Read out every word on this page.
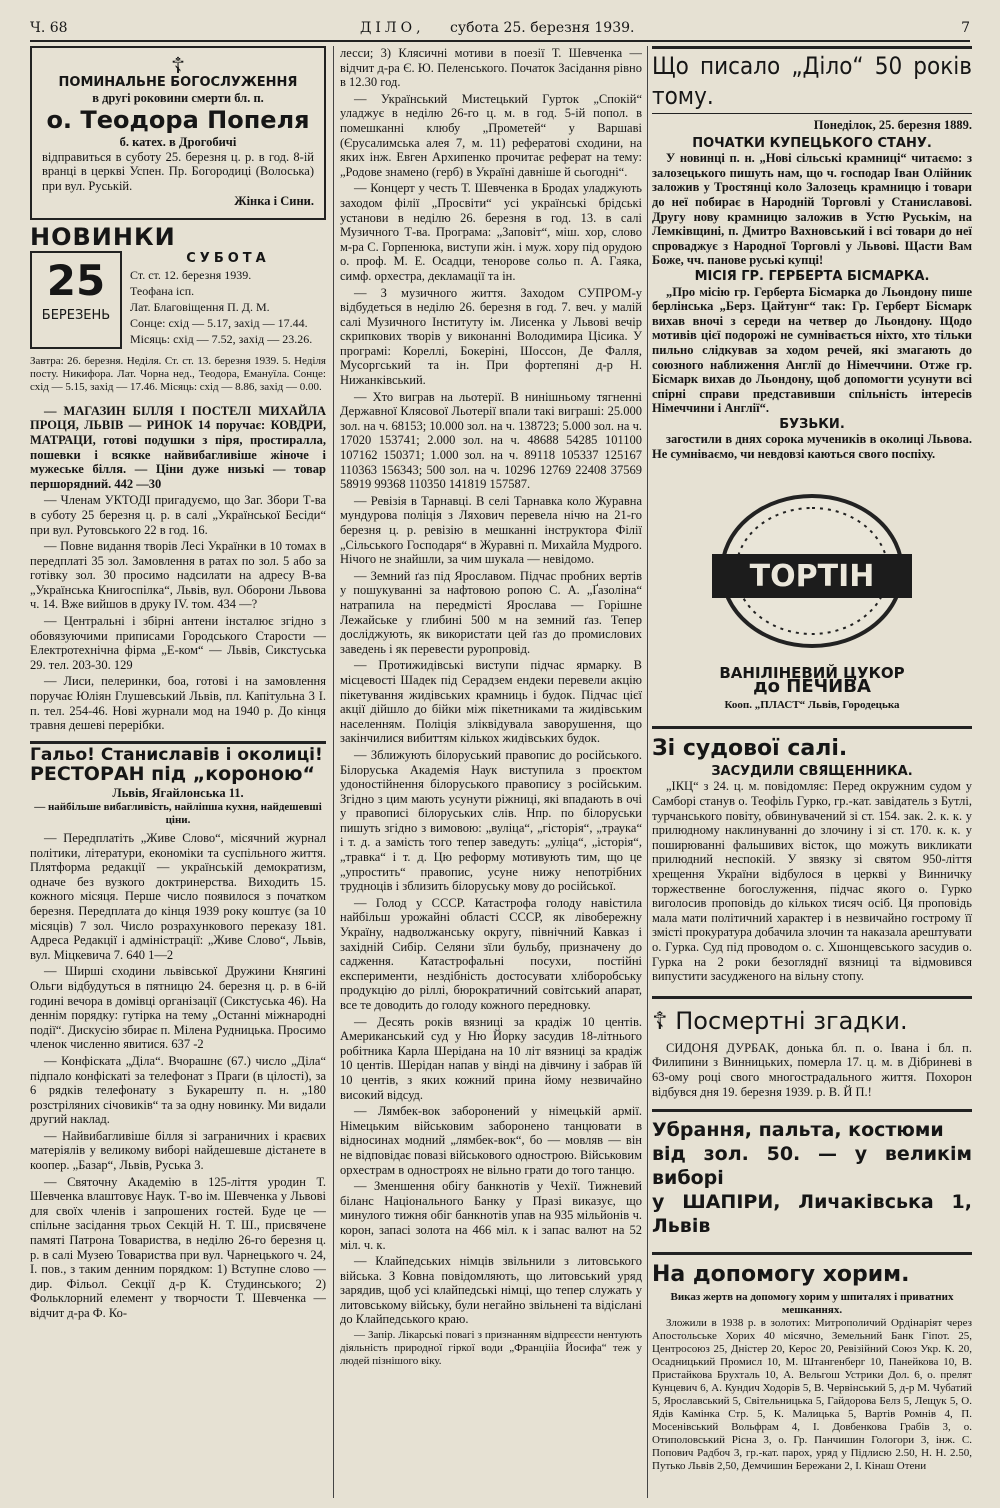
Ч. 68	ДІЛО, субота 25. березня 1939.	7
☦
ПОМИНАЛЬНЕ БОГОСЛУЖЕННЯ
в другі роковини смерти бл. п.
о. Теодора Попеля
б. катех. в Дрогобичі
відправиться в суботу 25. березня ц. р. в год. 8-ій вранці в церкві Успен. Пр. Богородиці (Волоська) при вул. Руській.
Жінка і Сини.
НОВИНКИ
25
БЕРЕЗЕНЬ
СУБОТА
Ст. ст. 12. березня 1939.
Теофана ісп.
Лат. Благовіщення П. Д. М.
Сонце: схід — 5.17, захід — 17.44.
Місяць: схід — 7.52, захід — 23.26.
Завтра: 26. березня. Неділя. Ст. ст. 13. березня 1939. 5. Неділя посту. Никифора. Лат. Чорна нед., Теодора, Емануїла. Сонце: схід — 5.15, захід — 17.46. Місяць: схід — 8.86, захід — 0.00.

— МАГАЗИН БІЛЛЯ І ПОСТЕЛІ МИХАЙЛА ПРОЦЯ, ЛЬВІВ — РИНОК 14 поручає: КОВДРИ, МАТРАЦИ, готові подушки з піря, простиралла, пошевки і всякке найвибагливіше жіноче і мужеське білля. — Ціни дуже низькі — товар першорядний. 442 —30

— Членам УКТОДІ пригадуємо, що Заг. Збори Т-ва в суботу 25 березня ц. р. в салі „Української Бесіди“ при вул. Рутовського 22 в год. 16.

— Повне видання творів Лесі Українки в 10 томах в передплаті 35 зол. Замовлення в ратах по зол. 5 або за готівку зол. 30 просимо надсилати на адресу В-ва „Українська Книгоспілка“, Львів, вул. Оборони Львова ч. 14. Вже вийшов в друку IV. том. 434 —?

— Центральні і збірні антени інсталює згідно з обовязуючими приписами Городського Старости — Електротехнічна фірма „Е-ком“ — Львів, Сикстуська 29. тел. 203-30. 129

— Лиси, пелеринки, боа, готові і на замовлення поручає Юліян Глушевський Львів, пл. Капітульна 3 І. п. тел. 254-46. Нові журнали мод на 1940 р. До кінця травня дешеві перерібки.

Гальо! Станиславів і околиці!
РЕСТОРАН під „короною“
Львів, Ягайлонська 11.
— найбільше вибагливість, найліпша кухня, найдешевші ціни.

— Передплатіть „Живе Слово“, місячний журнал політики, літератури, економіки та суспільного життя. Плятформа редакції — українській демократизм, одначе без вузкого доктринерства. Виходить 15. кожного місяця. Перше число появилося з початком березня. Передплата до кінця 1939 року коштує (за 10 місяців) 7 зол. Число розрахункового переказу 181. Адреса Редакції і адміністрації: „Живе Слово“, Львів, вул. Міцкевича 7. 640 1—2

— Ширші сходини львівської Дружини Княгині Ольги відбудуться в пятницю 24. березня ц. р. в 6-ій годині вечора в домівці організації (Сикстуська 46). На деннім порядку: гутірка на тему „Останні міжнародні події“. Дискусію збирає п. Мілена Рудницька. Просимо членок численно явитися. 637 -2

— Конфіската „Діла“. Вчорашнє (67.) число „Діла“ підпало конфіскаті за телефонат з Праги (в цілості), за 6 рядків телефонату з Букарешту п. н. „180 розстріляних січовиків“ та за одну новинку. Ми видали другий наклад.

— Найвибагливіше білля зі заграничних і краєвих матеріялів у великому виборі найдешевше діcтанете в коопер. „Базар“, Львів, Руська 3.

— Святочну Академію в 125-ліття уродин Т. Шевченка влаштовує Наук. Т-во ім. Шевченка у Львові для своїх членів і запрошених гостей. Буде це — спільне засідання трьох Секцій Н. Т. Ш., присвячене памяті Патрона Товариства, в неділю 26-го березня ц. р. в салі Музею Товариства при вул. Чарнецького ч. 24, І. пов., з таким денним порядком: 1) Вступне слово — дир. Фільол. Секції д-р К. Студинського; 2) Фольклорний елемент у творчости Т. Шевченка — відчит д-ра Ф. Ко-

лесси; 3) Клясичні мотиви в поезії Т. Шевченка — відчит д-ра Є. Ю. Пеленського. Початок Засідання рівно в 12.30 год.

— Український Мистецький Гурток „Спокій“ уладжує в неділю 26-го ц. м. в год. 5-ій попол. в помешканні клюбу „Прометей“ у Варшаві (Єрусалимська алея 7, м. 11) рефератові сходини, на яких інж. Евген Архипенко прочитає реферат на тему: „Родове знамено (герб) в Україні давніше й сьогодні“.

— Концерт у честь Т. Шевченка в Бродах уладжують заходом філії „Просвіти“ усі українські брідські установи в неділю 26. березня в год. 13. в салі Музичного Т-ва. Програма: „Заповіт“, міш. хор, слово м-ра С. Горпенюка, виступи жін. і муж. хору під орудою о. проф. М. Е. Осадци, тенорове сольо п. А. Гаяка, симф. орхестра, декламації та ін.

— З музичного життя. Заходом СУПРОМ-у відбудеться в неділю 26. березня в год. 7. веч. у малій салі Музичного Інституту ім. Лисенка у Львові вечір скрипкових творів у виконанні Володимира Цісика. У програмі: Кореллі, Бокеріні, Шоссон, Де Фалля, Мусоргський та ін. При фортепяні д-р Н. Нижанківський.

— Хто виграв на льотерії. В нинішньому тягненні Державної Клясової Льотерії впали такі виграші: 25.000 зол. на ч. 68153; 10.000 зол. на ч. 138723; 5.000 зол. на ч. 17020 153741; 2.000 зол. на ч. 48688 54285 101100 107162 150371; 1.000 зол. на ч. 89118 105337 125167 110363 156343; 500 зол. на ч. 10296 12769 22408 37569 58919 99368 110350 141819 157587.

— Ревізія в Тарнавці. В селі Тарнавка коло Журавна мундурова поліція з Ляхович перевела нічю на 21-го березня ц. р. ревізію в мешканні інструктора Філії „Сільського Господаря“ в Журавні п. Михайла Мудрого. Нічого не знайшли, за чим шукала — невідомо.

— Земний ґаз під Ярославом. Підчас пробних вертів у пошукуванні за нафтовою ропою С. А. „Ґазоліна“ натрапила на передмісті Ярослава — Горішне Лежайське у глибині 500 м на земний ґаз. Тепер досліджують, як використати цей ґаз до промислових заведень і як перевести руропровід.

— Протижидівські виступи підчас ярмарку. В місцевості Шадек під Серадзем ендеки перевели акцію пікетування жидівських крамниць і будок. Підчас цієї акції дійшло до бійки між пікетниками та жидівським населенням. Поліція зліквідувала заворушення, що закінчилися вибиттям кількох жидівських будок.

— Зближують білоруський правопис до російського. Білоруська Академія Наук виступила з проєктом удоностійнення білоруського правопису з російським. Згідно з цим мають усунути ріжниці, які впадають в очі у правописі білоруських слів. Нпр. по білоруськи пишуть згідно з вимовою: „вуліца“, „гісторія“, „траука“ і т. д. а замість того тепер заведуть: „уліца“, „історія“, „травка“ і т. д. Цю реформу мотивують тим, що це „упростить“ правопис, усуне нижу непотрібних трудноців і зблизить білоруську мову до російської.

— Голод у СССР. Катастрофа голоду навістила найбільш урожайні області СССР, як лівобережну Україну, надволжанську округу, північний Кавказ і західній Сибір. Селяни зїли бульбу, призначену до садження. Катастрофальні посухи, постійні експерименти, нездібність достосувати хліборобську продукцію до ріллі, бюрократичний совітський апарат, все те доводить до голоду кожного передновку.

— Десять років вязниці за крадіж 10 центів. Американський суд у Ню Йорку засудив 18-літнього робітника Карла Шерідана на 10 літ вязниці за крадіж 10 центів. Шерідан напав у вінді на дівчину і забрав їй 10 центів, з яких кожний прина йому незвичайно високий відсуд.

— Лямбек-вок заборонений у німецькій армії. Німецьким військовим заборонено танцювати в відносинах модний „лямбек-вок“, бо — мовляв — він не відповідає повазі військового однострою. Військовим орхестрам в однострoях не вільно грати до того танцю.

— Зменшення обігу банкнотів у Чехії. Тижневий біланс Національного Банку у Празі виказує, що минулого тижня обіг банкнотів упав на 935 мільйонів ч. корон, запасі золота на 466 міл. к і запас валют на 52 міл. ч. к.

— Клайпедських німців звільнили з литовського війська. З Ковна повідомляють, що литовський уряд зарядив, щоб усі клайпедські німці, що тепер служать у литовському війську, були негайно звільнені та відіслані до Клайпедського краю.

— Запір. Лікарські повагі з признанням відпрєєсти нентують діяльність природної гіркої води „Франціііа Йосифа“ теж у людей пізнішого віку.

Що писало „Діло“ 50 років тому.
Понеділок, 25. березня 1889.
ПОЧАТКИ КУПЕЦЬКОГО СТАНУ.

У новинці п. н. „Нові сільські крамниці“ читаємо: з залозецького пишуть нам, що ч. господар Іван Олійник заложив у Тростянці коло Залозець крамницю і товари до неї побирає в Народній Торговлі у Станиславові. Другу нову крамницю заложив в Устю Руськім, на Лемківщині, п. Дмитро Вахновський і всі товари до неї спроваджує з Народної Торговлі у Львові. Щасти Вам Боже, чч. панове руські купці!

МІСІЯ ГР. ГЕРБЕРТА БІСМАРКА.

„Про місію гр. Герберта Бісмарка до Льондону пише берлінська „Берз. Цайтунг“ так: Гр. Герберт Бісмарк вихав вночі з середи на четвер до Льондону. Щодо мотивів цієї подорожі не сумніваєтьcя ніхто, хто тільки пильно слідкував за ходом речей, які змагають до союзного наближення Англії до Німеччини. Отже гр. Бісмарк вихав до Льондону, щоб допомогти усунути всі спірні справи представивши спільність інтересів Німеччини і Англії“.

БУЗЬКИ.

загостили в днях сорока мучеників в околиці Львова. Не сумніваємо, чи невдовзі каються свого поспіху.

ТОРТІН
ВАНІЛІНЕВИЙ ЦУКОР
до ПЕЧИВА
Кооп. „ПЛАСТ“ Львів, Городецька
Зі судової салі.
ЗАСУДИЛИ СВЯЩЕННИКА.

„ІКЦ“ з 24. ц. м. повідомляє: Перед окружним судом у Самборі станув о. Теофіль Гурко, гр.-кат. завідатель з Бутлі, турчанського повіту, обвинувачений зі ст. 154. зак. 2. к. к. у прилюдному наклинуванні до злочину і зі ст. 170. к. к. у поширюванні фальшивих вісток, що можуть викликати прилюдний неспокій. У звязку зі святом 950-ліття хрещення України відбулося в церкві у Винничку торжественне богослуження, підчас якого о. Гурко виголосив проповідь до кількох тисяч осіб. Ця проповідь мала мати політичний характер і в незвичайно гострому її змісті прокуратура добачила злочин та наказала арештувати о. Гурка. Суд під проводом о. с. Хшонщевського засудив о. Гурка на 2 роки безогляднї вязниці та відмовився випустити засудженого на вільну стопу.

☦ Посмертні згадки.

СИДОНЯ ДУРБАК, донька бл. п. о. Івана і бл. п. Филипини з Винницьких, померла 17. ц. м. в Дібриневі в 63-ому році свого многострадального життя. Похорон відбувся дня 19. березня 1939. р. В. Й П.!

Убрання, пальта, костюми
від зол. 50. — у великім виборі
у ШАПІРИ, Личаківська 1, Львів
На допомогу хорим.
Виказ жертв на допомогу хорим у шпиталях і приватних мешканнях.

Зложили в 1938 р. в золотих: Митрополичий Ордінаріят через Апостольське Хорих 40 місячно, Земельний Банк Гіпот. 25, Центросоюз 25, Дністер 20, Керос 20, Ревізійний Союз Укр. К. 20, Осадницький Промисл 10, М. Штангенберг 10, Панейкова 10, В. Пристайкова Брухталь 10, А. Вельгош Устрики Дол. 6, о. прелят Кунцевич 6, А. Кундич Ходорів 5, В. Червінський 5, д-р М. Чубатий 5, Ярославський 5, Світельницька 5, Гайдорова Белз 5, Лещук 5, О. Ядів Камінка Стр. 5, К. Малицька 5, Вартів Ромнів 4, П. Мосенівський Вольфрам 4, І. Довбенкова Грабів 3, о. Отиполовський Рісна 3, о. Гр. Панчишин Гологори 3, інж. С. Попович Радбоч 3, гр.-кат. парох, уряд у Підлисю 2.50, Н. Н. 2.50, Путько Львів 2,50, Демчишин Бережани 2, І. Кінаш Отени
